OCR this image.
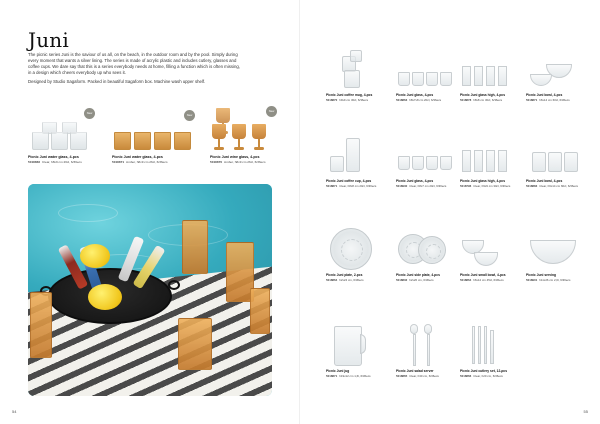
Juni

The picnic series Juni is the saviour of us all, on the beach, in the outdoor room and by the pool. Simply during every moment that wants a silver lining. The series is made of acrylic plastic and includes cutlery, glasses and coffee cups. We dare say that this is a series everybody needs at home, filling a function which is often missing, in a design which cheers everybody up who sees it.

Designed by Studio Sagaform. Packed in beautiful Sagaform box. Machine wash upper shelf.

New
Picnic Juni water glass, 4-pcs
5018866 Clear, h8x9 cm 26cl, 6/36ecs
New
Picnic Juni water glass, 4-pcs
5018871 Amber, h8x9 cm 26cl, 6/36ecs
New
Picnic Juni wine glass, 4-pcs
5018870 Amber, h8x9 cm 26cl, 6/36ecs
54
Picnic Juni coffee mug, 4-pcs
5018870 h9x9 cm 30cl, 6/36ecs
Picnic Juni glass, 4-pcs
5018863 h8x7x8 cm 20cl, 6/36ecs
Picnic Juni glass high, 4-pcs
5018878 h8x8 cm 30cl, 6/36ecs
Picnic Juni bowl, 4-pcs
5018871 h6x14 cm 60cl, 6/36ecs
Picnic Juni coffee cup, 4-pcs
5018871 Clear, h8x8 cm 20cl, 6/36ecs
Picnic Juni glass, 4-pcs
5018930 Clear, h8x7 cm 20cl, 6/36ecs
Picnic Juni glass high, 4-pcs
5018796 Clear, h9x9 cm 30cl, 6/36ecs
Picnic Juni bowl, 4-pcs
5018883 Clear, h6x14 cm 60cl, 6/36ecs
Picnic Juni plate, 2-pcs
5018864 h2x24 cm, 6/36ecs
Picnic Juni side plate, 4-pcs
5018832 h2x20 cm, 6/36ecs
Picnic Juni small bowl, 4-pcs
5018864 h6x12 cm 45cl, 6/36ecs
Picnic Juni serving
5018901 h11x26 cm 2,6l, 6/36ecs
Picnic Juni jug
5018871 h19x12 cm 1,6l, 6/36ecs
Picnic Juni salad server
5018865 Clear, h30 cm, 6/36ecs
Picnic Juni cutlery set, 12-pcs
5018866 Clear, h20 cm, 6/36ecs
55
